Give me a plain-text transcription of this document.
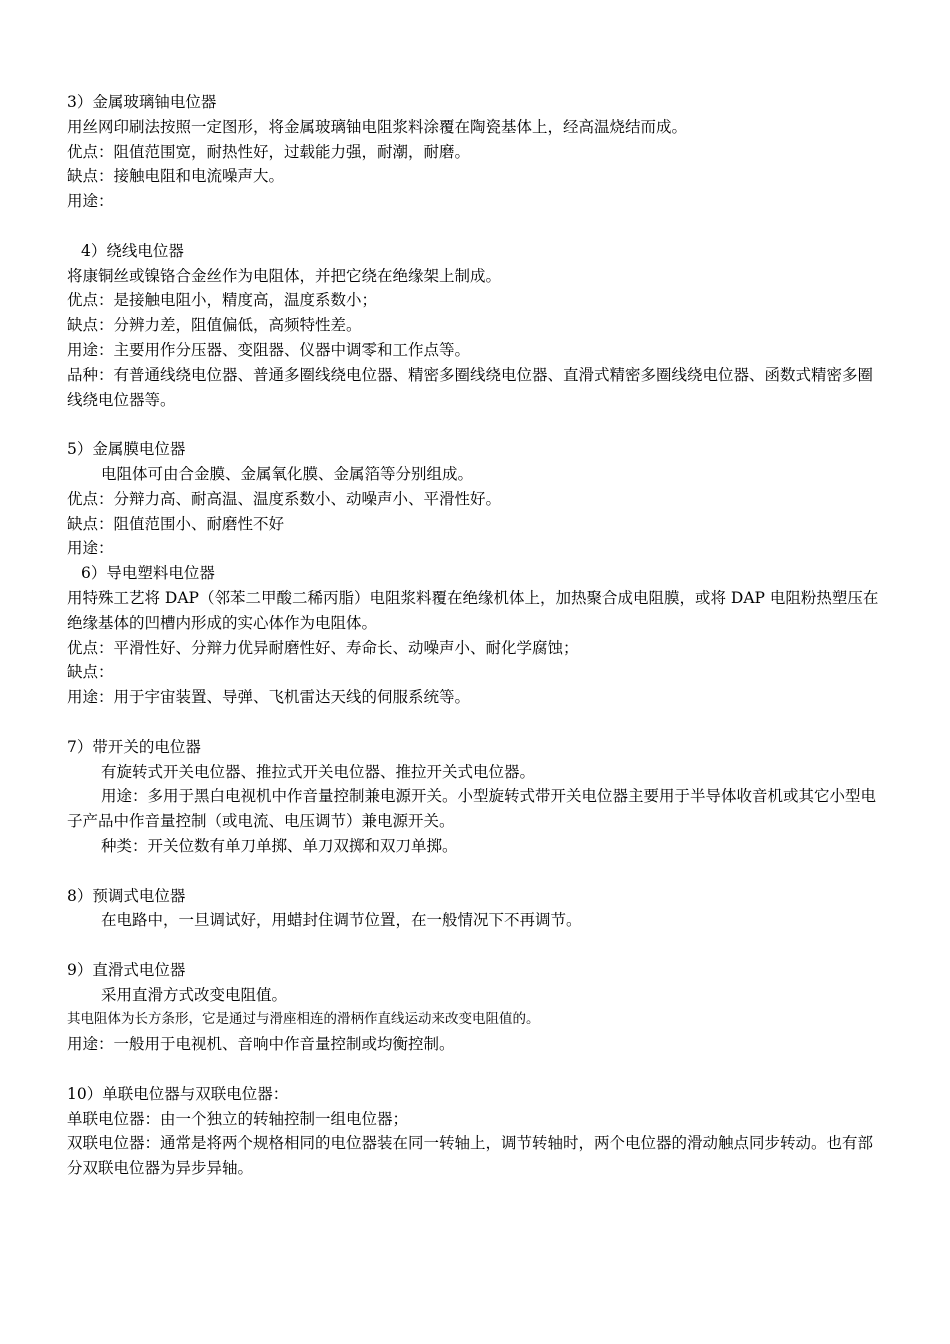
3）金属玻璃铀电位器

用丝网印刷法按照一定图形，将金属玻璃铀电阻浆料涂覆在陶瓷基体上，经高温烧结而成。

优点：阻值范围宽，耐热性好，过载能力强，耐潮，耐磨。

缺点：接触电阻和电流噪声大。

用途：

4）绕线电位器

将康铜丝或镍铬合金丝作为电阻体，并把它绕在绝缘架上制成。

优点：是接触电阻小，精度高，温度系数小；

缺点：分辨力差，阻值偏低，高频特性差。

用途：主要用作分压器、变阻器、仪器中调零和工作点等。

品种：有普通线绕电位器、普通多圈线绕电位器、精密多圈线绕电位器、直滑式精密多圈线绕电位器、函数式精密多圈线绕电位器等。

5）金属膜电位器

电阻体可由合金膜、金属氧化膜、金属箔等分别组成。

优点：分辩力高、耐高温、温度系数小、动噪声小、平滑性好。

缺点：阻值范围小、耐磨性不好

用途：

6）导电塑料电位器

用特殊工艺将 DAP（邻苯二甲酸二稀丙脂）电阻浆料覆在绝缘机体上，加热聚合成电阻膜，或将 DAP 电阻粉热塑压在绝缘基体的凹槽内形成的实心体作为电阻体。

优点：平滑性好、分辩力优异耐磨性好、寿命长、动噪声小、耐化学腐蚀；

缺点：

用途：用于宇宙装置、导弹、飞机雷达天线的伺服系统等。

7）带开关的电位器

有旋转式开关电位器、推拉式开关电位器、推拉开关式电位器。

用途：多用于黑白电视机中作音量控制兼电源开关。小型旋转式带开关电位器主要用于半导体收音机或其它小型电子产品中作音量控制（或电流、电压调节）兼电源开关。

种类：开关位数有单刀单掷、单刀双掷和双刀单掷。

8）预调式电位器

在电路中，一旦调试好，用蜡封住调节位置，在一般情况下不再调节。

9）直滑式电位器

采用直滑方式改变电阻值。

其电阻体为长方条形，它是通过与滑座相连的滑柄作直线运动来改变电阻值的。

用途：一般用于电视机、音响中作音量控制或均衡控制。

10）单联电位器与双联电位器：

单联电位器：由一个独立的转轴控制一组电位器；

双联电位器：通常是将两个规格相同的电位器装在同一转轴上，调节转轴时，两个电位器的滑动触点同步转动。也有部分双联电位器为异步异轴。
